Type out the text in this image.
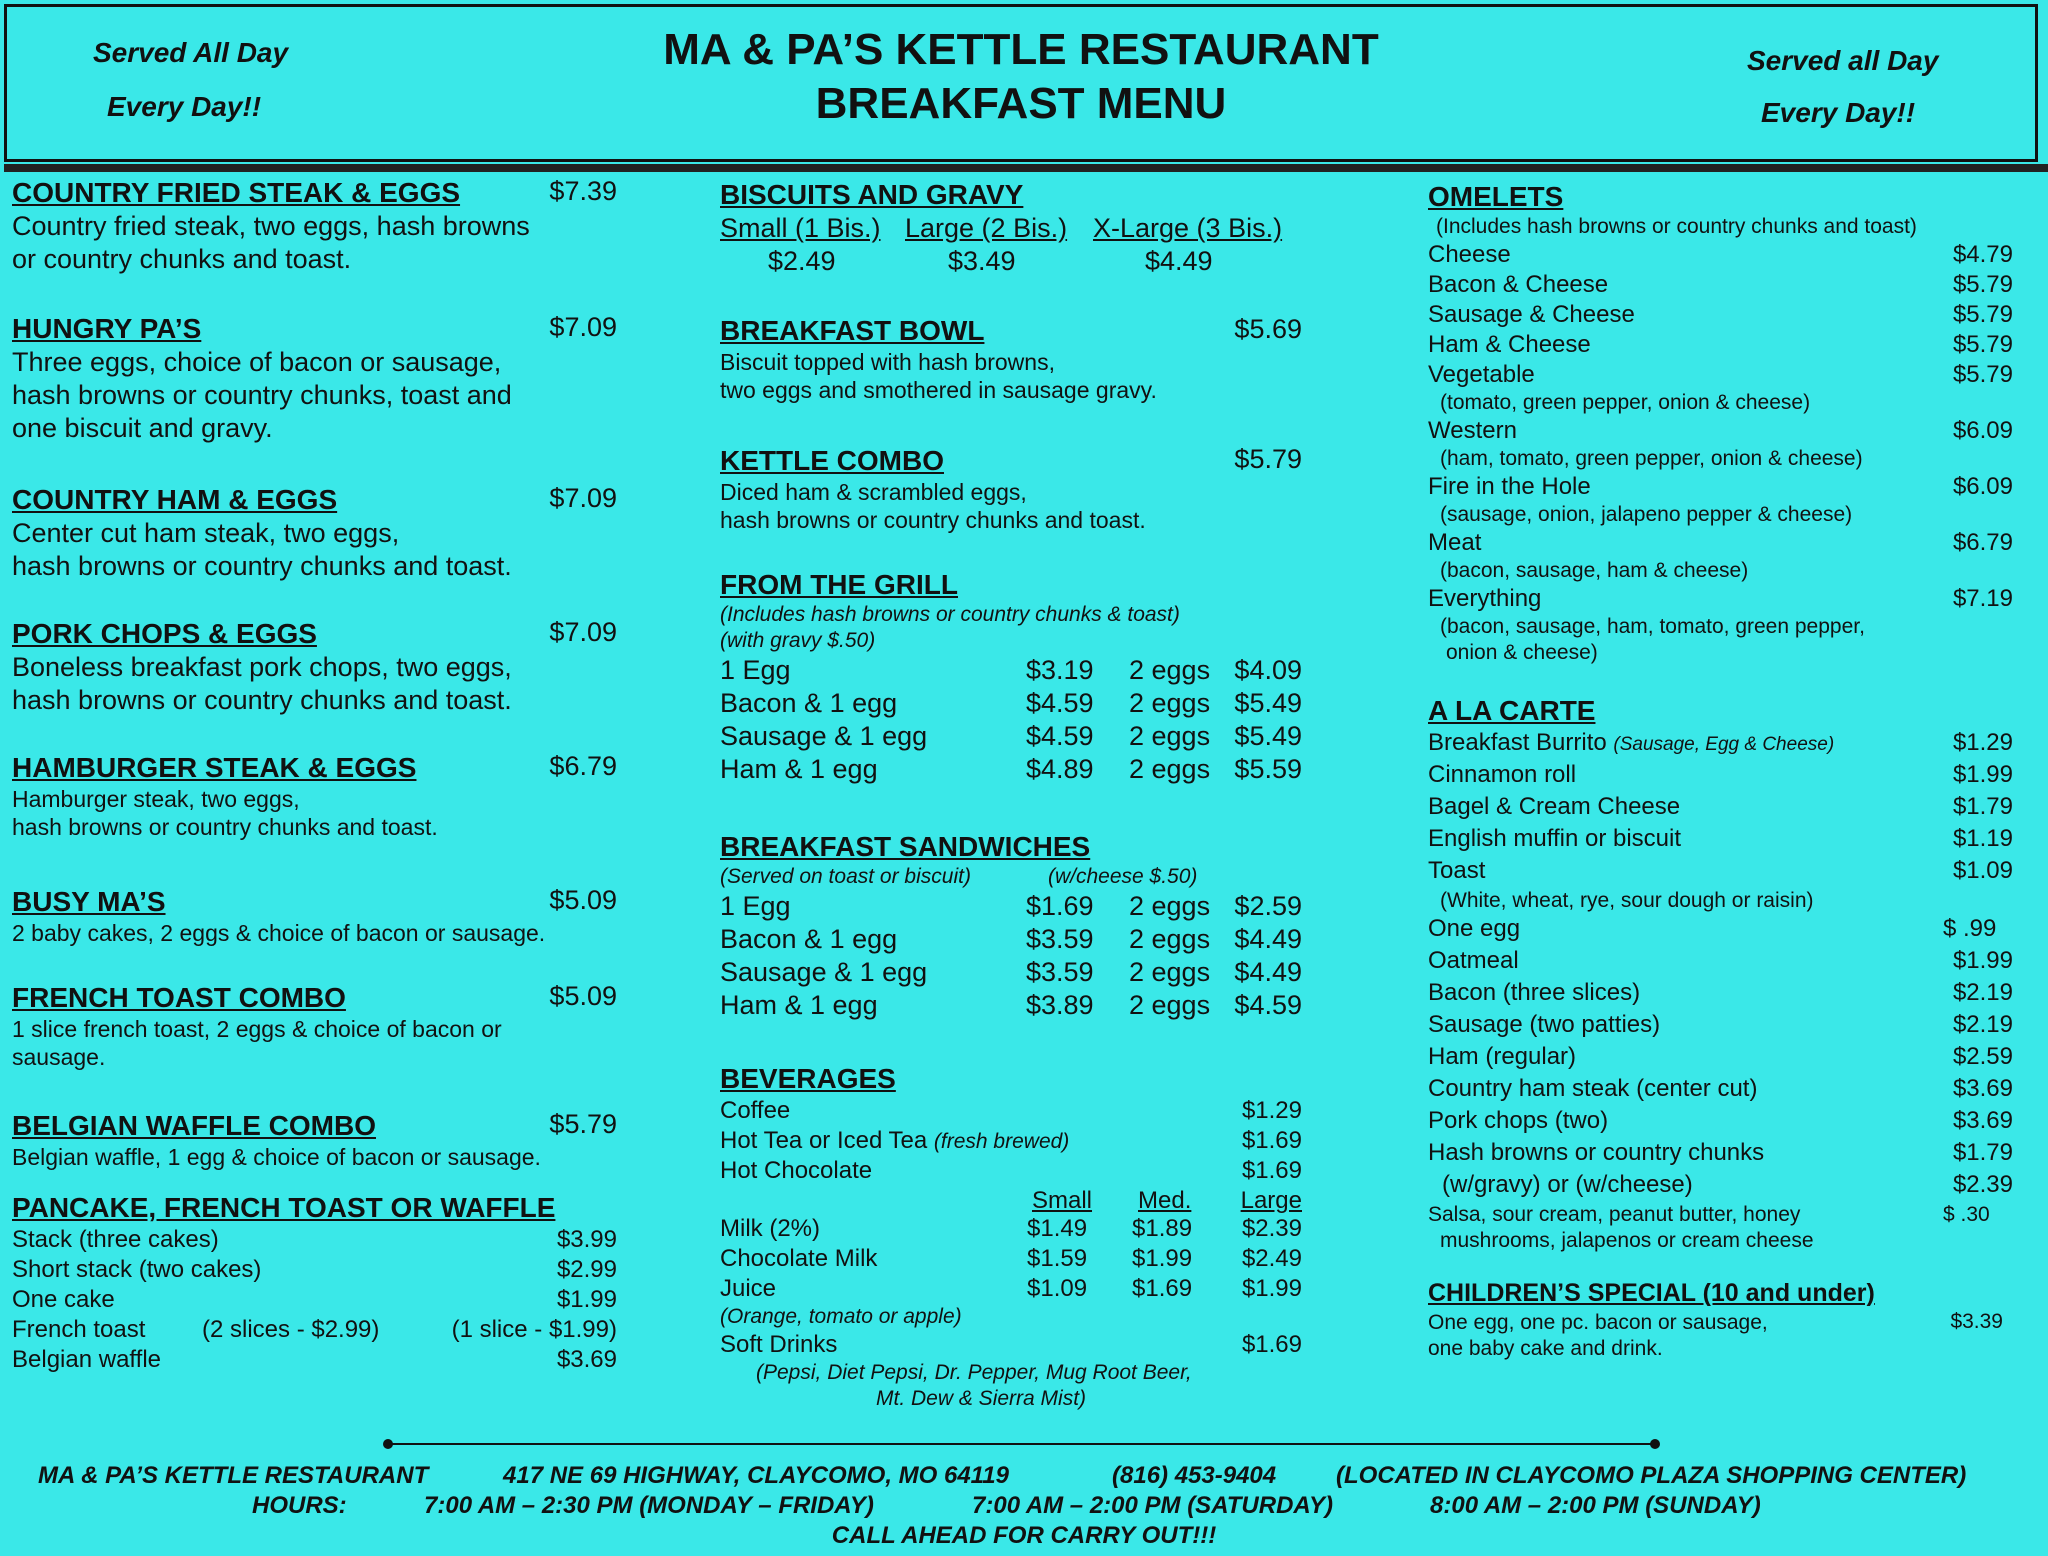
Served All Day
Every Day!!
MA & PA’S KETTLE RESTAURANT
BREAKFAST MENU
Served all Day
Every Day!!
COUNTRY FRIED STEAK & EGGS	$7.39
Country fried steak, two eggs, hash browns
or country chunks and toast.
HUNGRY PA’S	$7.09
Three eggs, choice of bacon or sausage,
hash browns or country chunks, toast and
one biscuit and gravy.
COUNTRY HAM & EGGS	$7.09
Center cut ham steak, two eggs,
hash browns or country chunks and toast.
PORK CHOPS & EGGS	$7.09
Boneless breakfast pork chops, two eggs,
hash browns or country chunks and toast.
HAMBURGER STEAK & EGGS	$6.79
Hamburger steak, two eggs,
hash browns or country chunks and toast.
BUSY MA’S	$5.09
2 baby cakes, 2 eggs & choice of bacon or sausage.
FRENCH TOAST COMBO	$5.09
1 slice french toast, 2 eggs & choice of bacon or
sausage.
BELGIAN WAFFLE COMBO	$5.79
Belgian waffle, 1 egg & choice of bacon or sausage.
PANCAKE, FRENCH TOAST OR WAFFLE
Stack (three cakes)	$3.99
Short stack (two cakes)	$2.99
One cake	$1.99
French toast (2 slices - $2.99)	(1 slice - $1.99)
Belgian waffle	$3.69
BISCUITS AND GRAVY
Small (1 Bis.) Large (2 Bis.) X-Large (3 Bis.)
$2.49	$3.49	$4.49
BREAKFAST BOWL	$5.69
Biscuit topped with hash browns,
two eggs and smothered in sausage gravy.
KETTLE COMBO	$5.79
Diced ham & scrambled eggs,
hash browns or country chunks and toast.
FROM THE GRILL
(Includes hash browns or country chunks & toast)
(with gravy $.50)
1 Egg	$3.19 2 eggs $4.09
Bacon & 1 egg	$4.59 2 eggs $5.49
Sausage & 1 egg	$4.59 2 eggs $5.49
Ham & 1 egg	$4.89 2 eggs $5.59
BREAKFAST SANDWICHES
(Served on toast or biscuit)	(w/cheese $.50)
1 Egg	$1.69 2 eggs $2.59
Bacon & 1 egg	$3.59 2 eggs $4.49
Sausage & 1 egg	$3.59 2 eggs $4.49
Ham & 1 egg	$3.89 2 eggs $4.59
BEVERAGES
Coffee	$1.29
Hot Tea or Iced Tea (fresh brewed)	$1.69
Hot Chocolate	$1.69
Small Med. Large
Milk (2%)	$1.49 $1.89 $2.39
Chocolate Milk	$1.59 $1.99 $2.49
Juice	$1.09 $1.69 $1.99
(Orange, tomato or apple)
Soft Drinks	$1.69
(Pepsi, Diet Pepsi, Dr. Pepper, Mug Root Beer,
Mt. Dew & Sierra Mist)
OMELETS
(Includes hash browns or country chunks and toast)
Cheese	$4.79
Bacon & Cheese	$5.79
Sausage & Cheese	$5.79
Ham & Cheese	$5.79
Vegetable	$5.79
(tomato, green pepper, onion & cheese)
Western	$6.09
(ham, tomato, green pepper, onion & cheese)
Fire in the Hole	$6.09
(sausage, onion, jalapeno pepper & cheese)
Meat	$6.79
(bacon, sausage, ham & cheese)
Everything	$7.19
(bacon, sausage, ham, tomato, green pepper,
onion & cheese)
A LA CARTE
Breakfast Burrito (Sausage, Egg & Cheese)	$1.29
Cinnamon roll	$1.99
Bagel & Cream Cheese	$1.79
English muffin or biscuit	$1.19
Toast	$1.09
(White, wheat, rye, sour dough or raisin)
One egg	$ .99
Oatmeal	$1.99
Bacon (three slices)	$2.19
Sausage (two patties)	$2.19
Ham (regular)	$2.59
Country ham steak (center cut)	$3.69
Pork chops (two)	$3.69
Hash browns or country chunks	$1.79
(w/gravy) or (w/cheese)	$2.39
Salsa, sour cream, peanut butter, honey	$ .30
mushrooms, jalapenos or cream cheese
CHILDREN’S SPECIAL (10 and under)
One egg, one pc. bacon or sausage,
one baby cake and drink.
$3.39
MA & PA’S KETTLE RESTAURANT	417 NE 69 HIGHWAY, CLAYCOMO, MO 64119	(816) 453-9404 (LOCATED IN CLAYCOMO PLAZA SHOPPING CENTER)
HOURS:	7:00 AM – 2:30 PM (MONDAY – FRIDAY)	7:00 AM – 2:00 PM (SATURDAY)	8:00 AM – 2:00 PM (SUNDAY)
CALL AHEAD FOR CARRY OUT!!!
